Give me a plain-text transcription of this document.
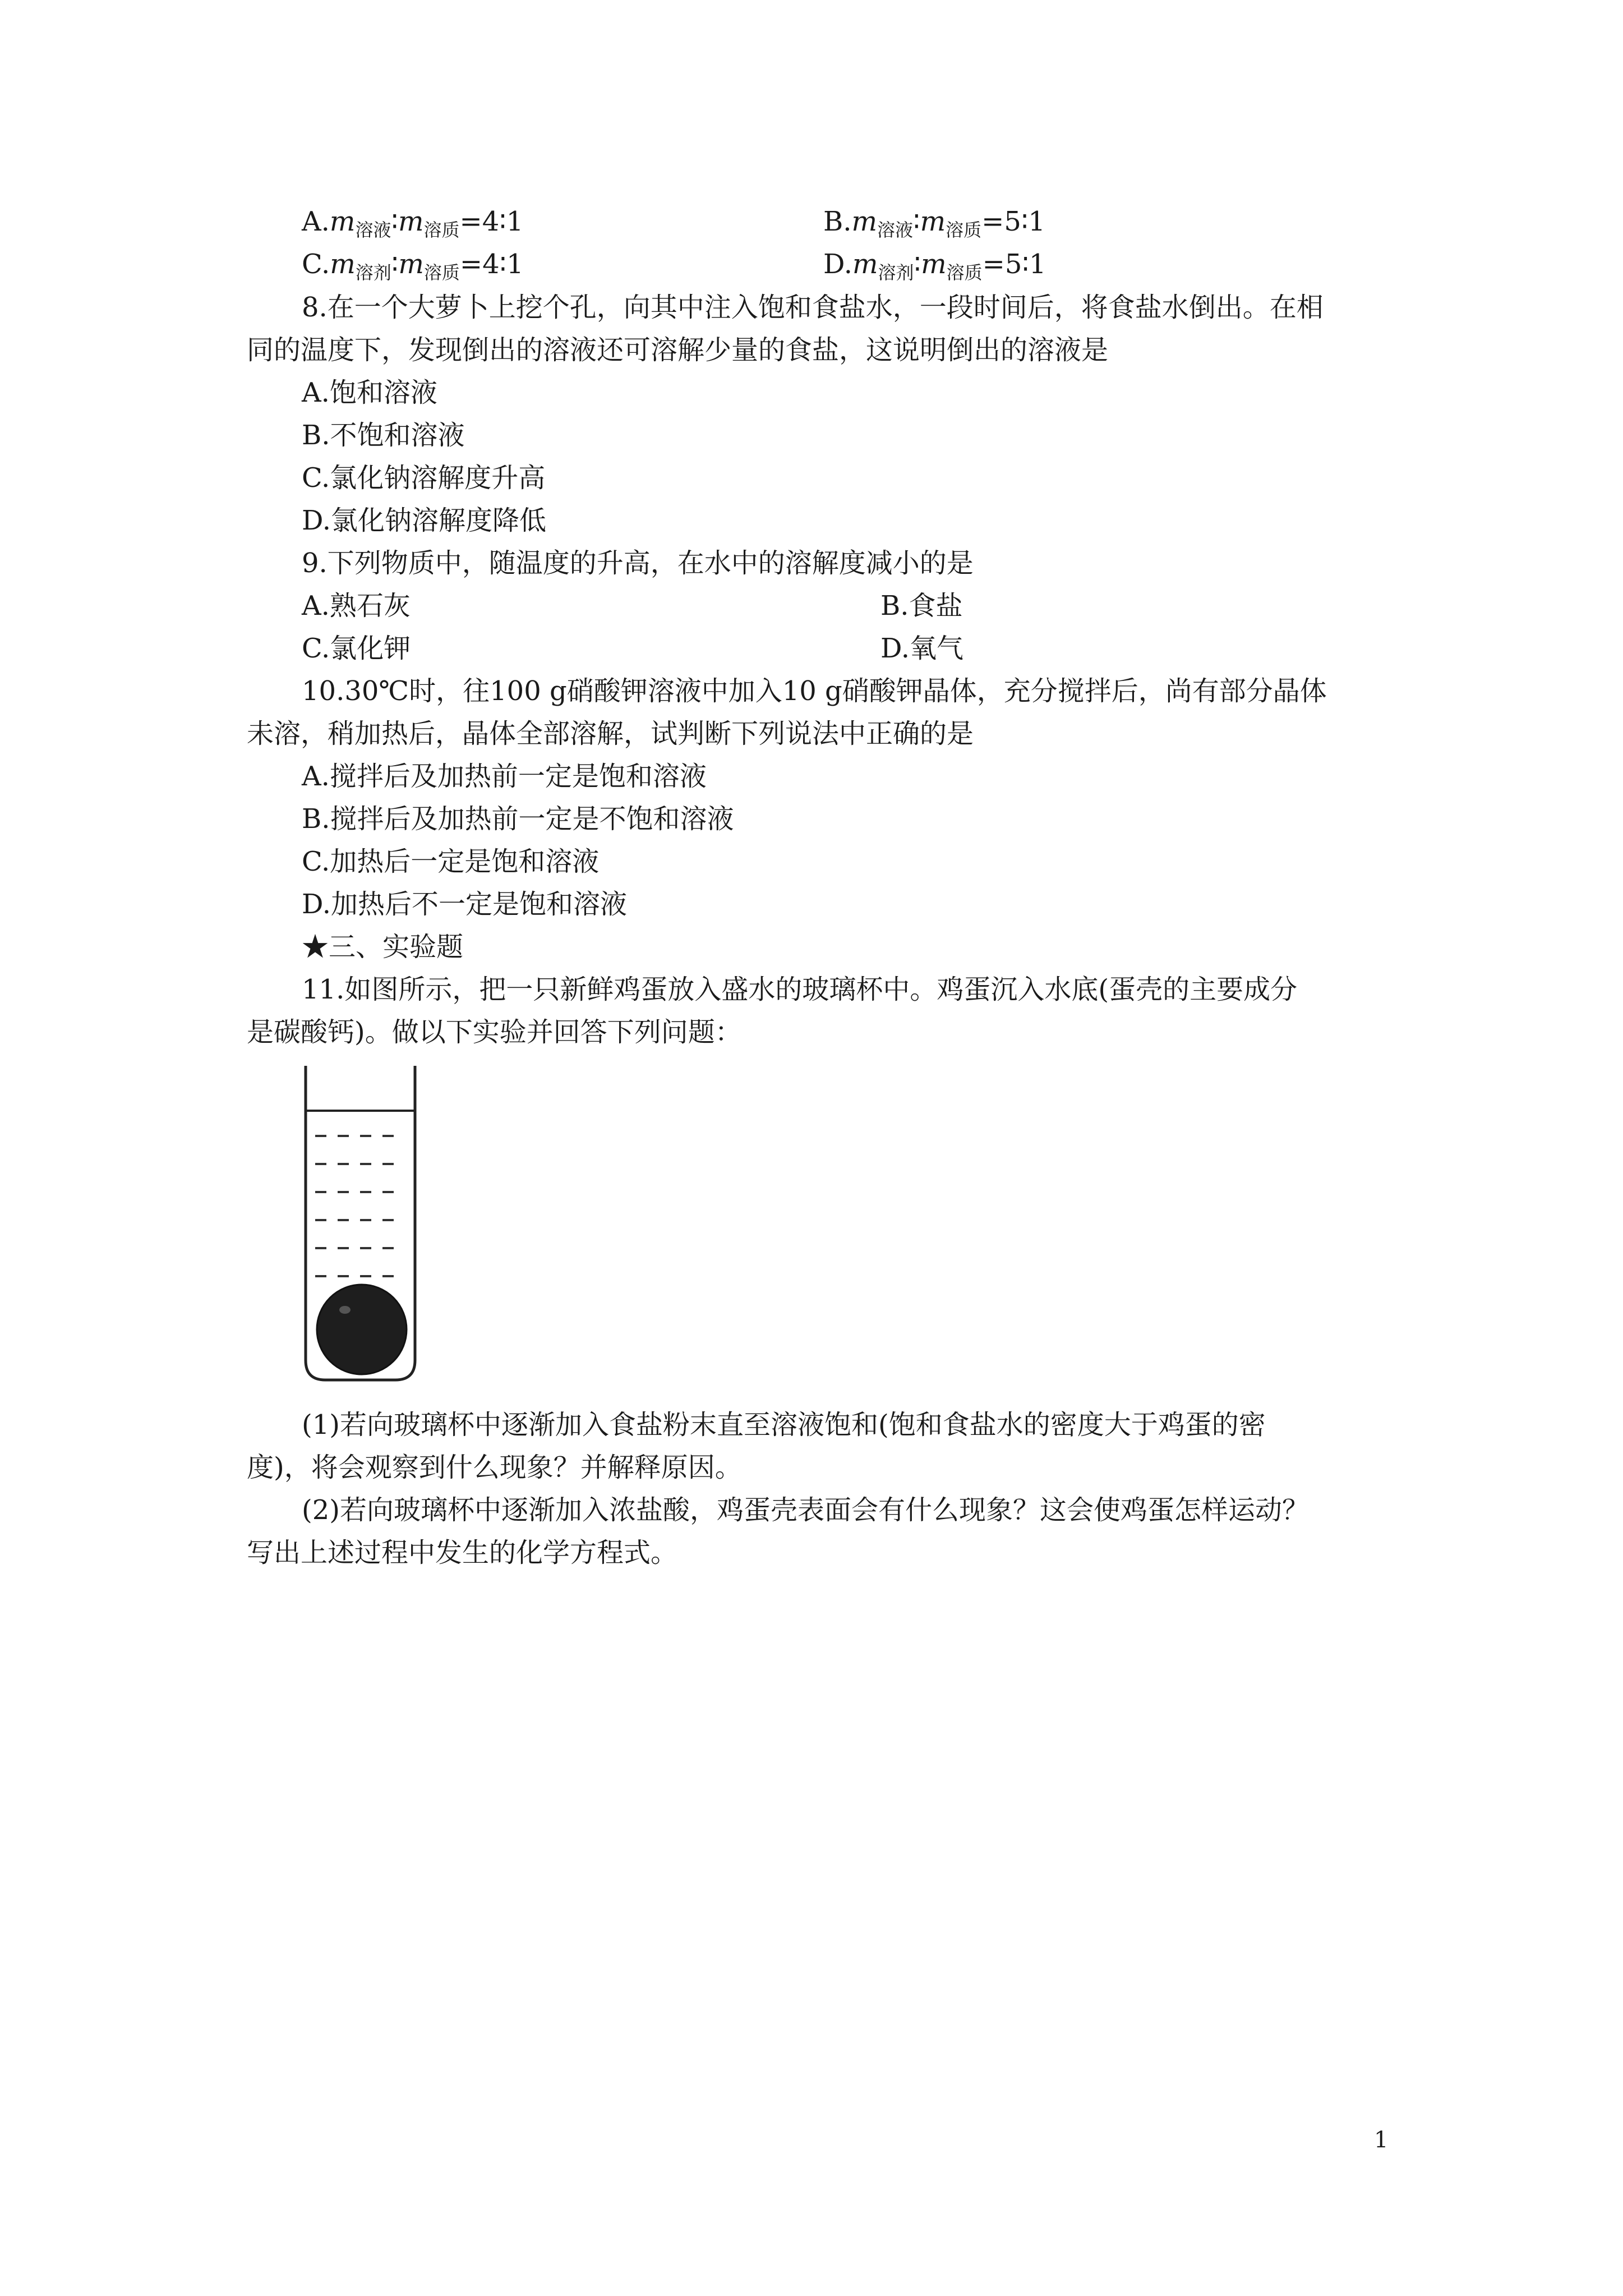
$A.m_{溶液}∶m_{溶质}=4∶1$	$B.m_{溶液}∶m_{溶质}=5∶1$
$C.m_{溶剂}∶m_{溶质}=4∶1$	$D.m_{溶剂}∶m_{溶质}=5∶1$
8.在一个大萝卜上挖个孔，向其中注入饱和食盐水，一段时间后，将食盐水倒出。在相
同的温度下，发现倒出的溶液还可溶解少量的食盐，这说明倒出的溶液是
A.饱和溶液
B.不饱和溶液
C.氯化钠溶解度升高
D.氯化钠溶解度降低
9.下列物质中，随温度的升高，在水中的溶解度减小的是
A.熟石灰	B.食盐
C.氯化钾	D.氧气
10.30℃时，往100 g硝酸钾溶液中加入10 g硝酸钾晶体，充分搅拌后，尚有部分晶体
未溶，稍加热后，晶体全部溶解，试判断下列说法中正确的是
A.搅拌后及加热前一定是饱和溶液
B.搅拌后及加热前一定是不饱和溶液
C.加热后一定是饱和溶液
D.加热后不一定是饱和溶液
★三、实验题
11.如图所示，把一只新鲜鸡蛋放入盛水的玻璃杯中。鸡蛋沉入水底(蛋壳的主要成分
是碳酸钙)。做以下实验并回答下列问题：
(1)若向玻璃杯中逐渐加入食盐粉末直至溶液饱和(饱和食盐水的密度大于鸡蛋的密
度)，将会观察到什么现象？并解释原因。
(2)若向玻璃杯中逐渐加入浓盐酸，鸡蛋壳表面会有什么现象？这会使鸡蛋怎样运动？
写出上述过程中发生的化学方程式。
1
